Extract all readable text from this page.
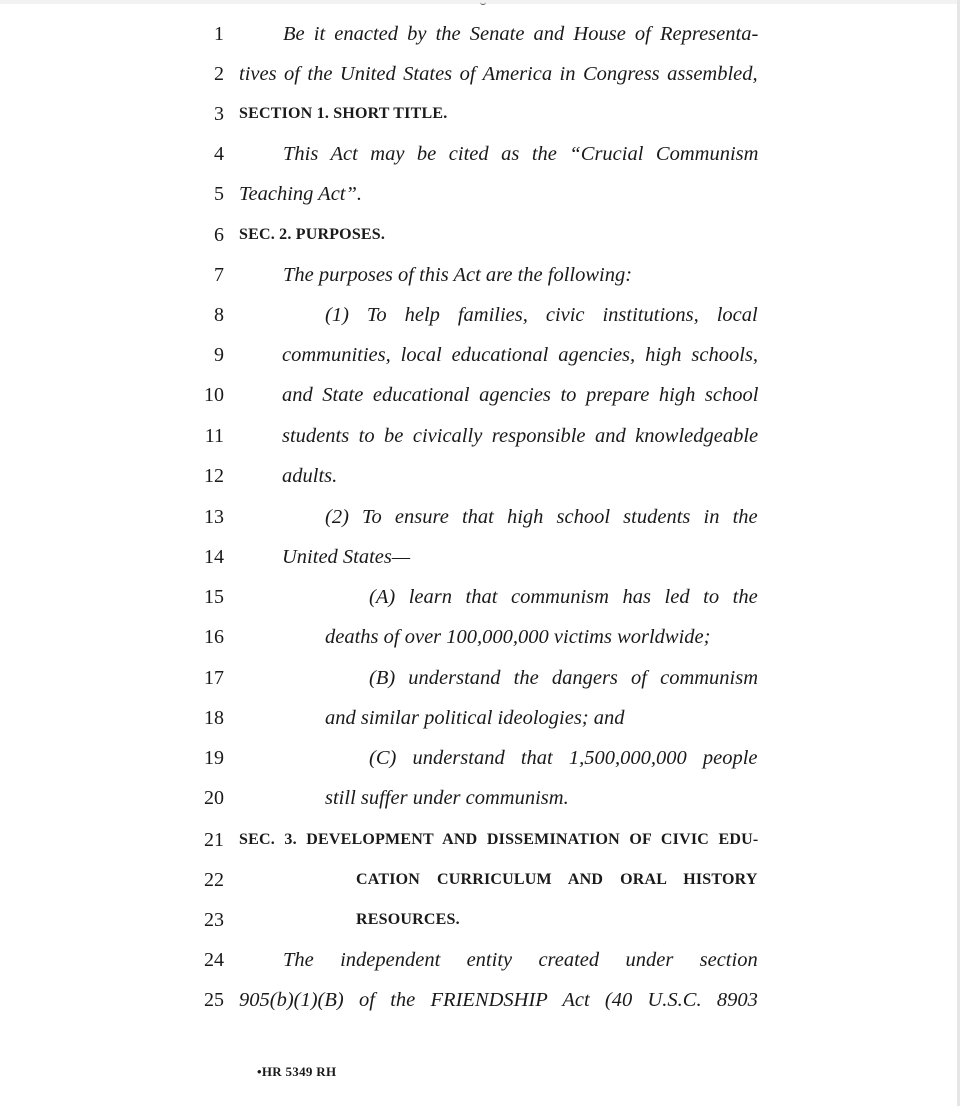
1	Be it enacted by the Senate and House of Representa-
2 tives of the United States of America in Congress assembled,
3 SECTION 1. SHORT TITLE.
4	This Act may be cited as the “Crucial Communism
5 Teaching Act”.
6 SEC. 2. PURPOSES.
7	The purposes of this Act are the following:
8	(1) To help families, civic institutions, local
9	communities, local educational agencies, high schools,
10	and State educational agencies to prepare high school
11	students to be civically responsible and knowledgeable
12	adults.
13	(2) To ensure that high school students in the
14	United States—
15	(A) learn that communism has led to the
16	deaths of over 100,000,000 victims worldwide;
17	(B) understand the dangers of communism
18	and similar political ideologies; and
19	(C) understand that 1,500,000,000 people
20	still suffer under communism.
21 SEC. 3. DEVELOPMENT AND DISSEMINATION OF CIVIC EDU-
22	CATION CURRICULUM AND ORAL HISTORY
23	RESOURCES.
24	The independent entity created under section
25 905(b)(1)(B) of the FRIENDSHIP Act (40 U.S.C. 8903
•HR 5349 RH
